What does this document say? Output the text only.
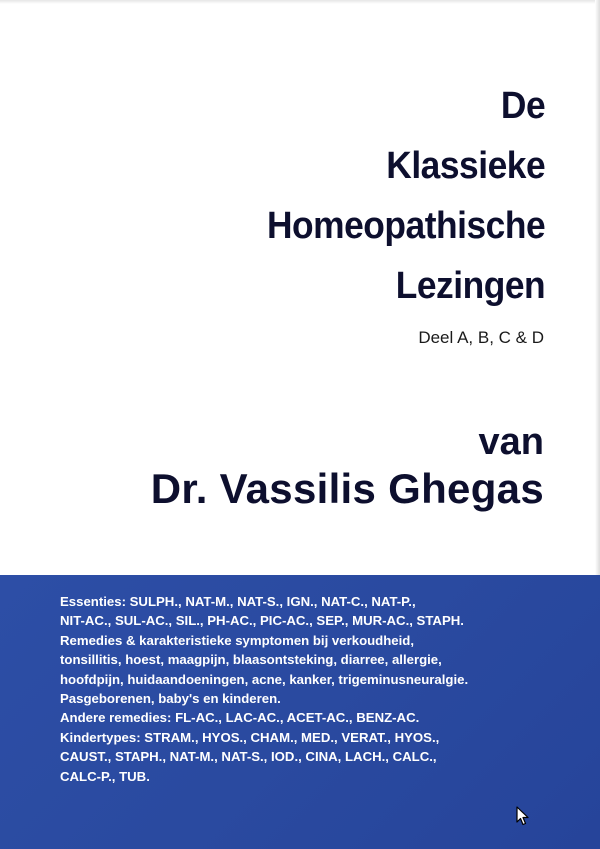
De
Klassieke
Homeopathische
Lezingen
Deel A, B, C & D
van
Dr. Vassilis Ghegas
Essenties: SULPH., NAT-M., NAT-S., IGN., NAT-C., NAT-P.,
NIT-AC., SUL-AC., SIL., PH-AC., PIC-AC., SEP., MUR-AC., STAPH.
Remedies & karakteristieke symptomen bij verkoudheid,
tonsillitis, hoest, maagpijn, blaasontsteking, diarree, allergie,
hoofdpijn, huidaandoeningen, acne, kanker, trigeminusneuralgie.
Pasgeborenen, baby's en kinderen.
Andere remedies: FL-AC., LAC-AC., ACET-AC., BENZ-AC.
Kindertypes: STRAM., HYOS., CHAM., MED., VERAT., HYOS.,
CAUST., STAPH., NAT-M., NAT-S., IOD., CINA, LACH., CALC.,
CALC-P., TUB.
